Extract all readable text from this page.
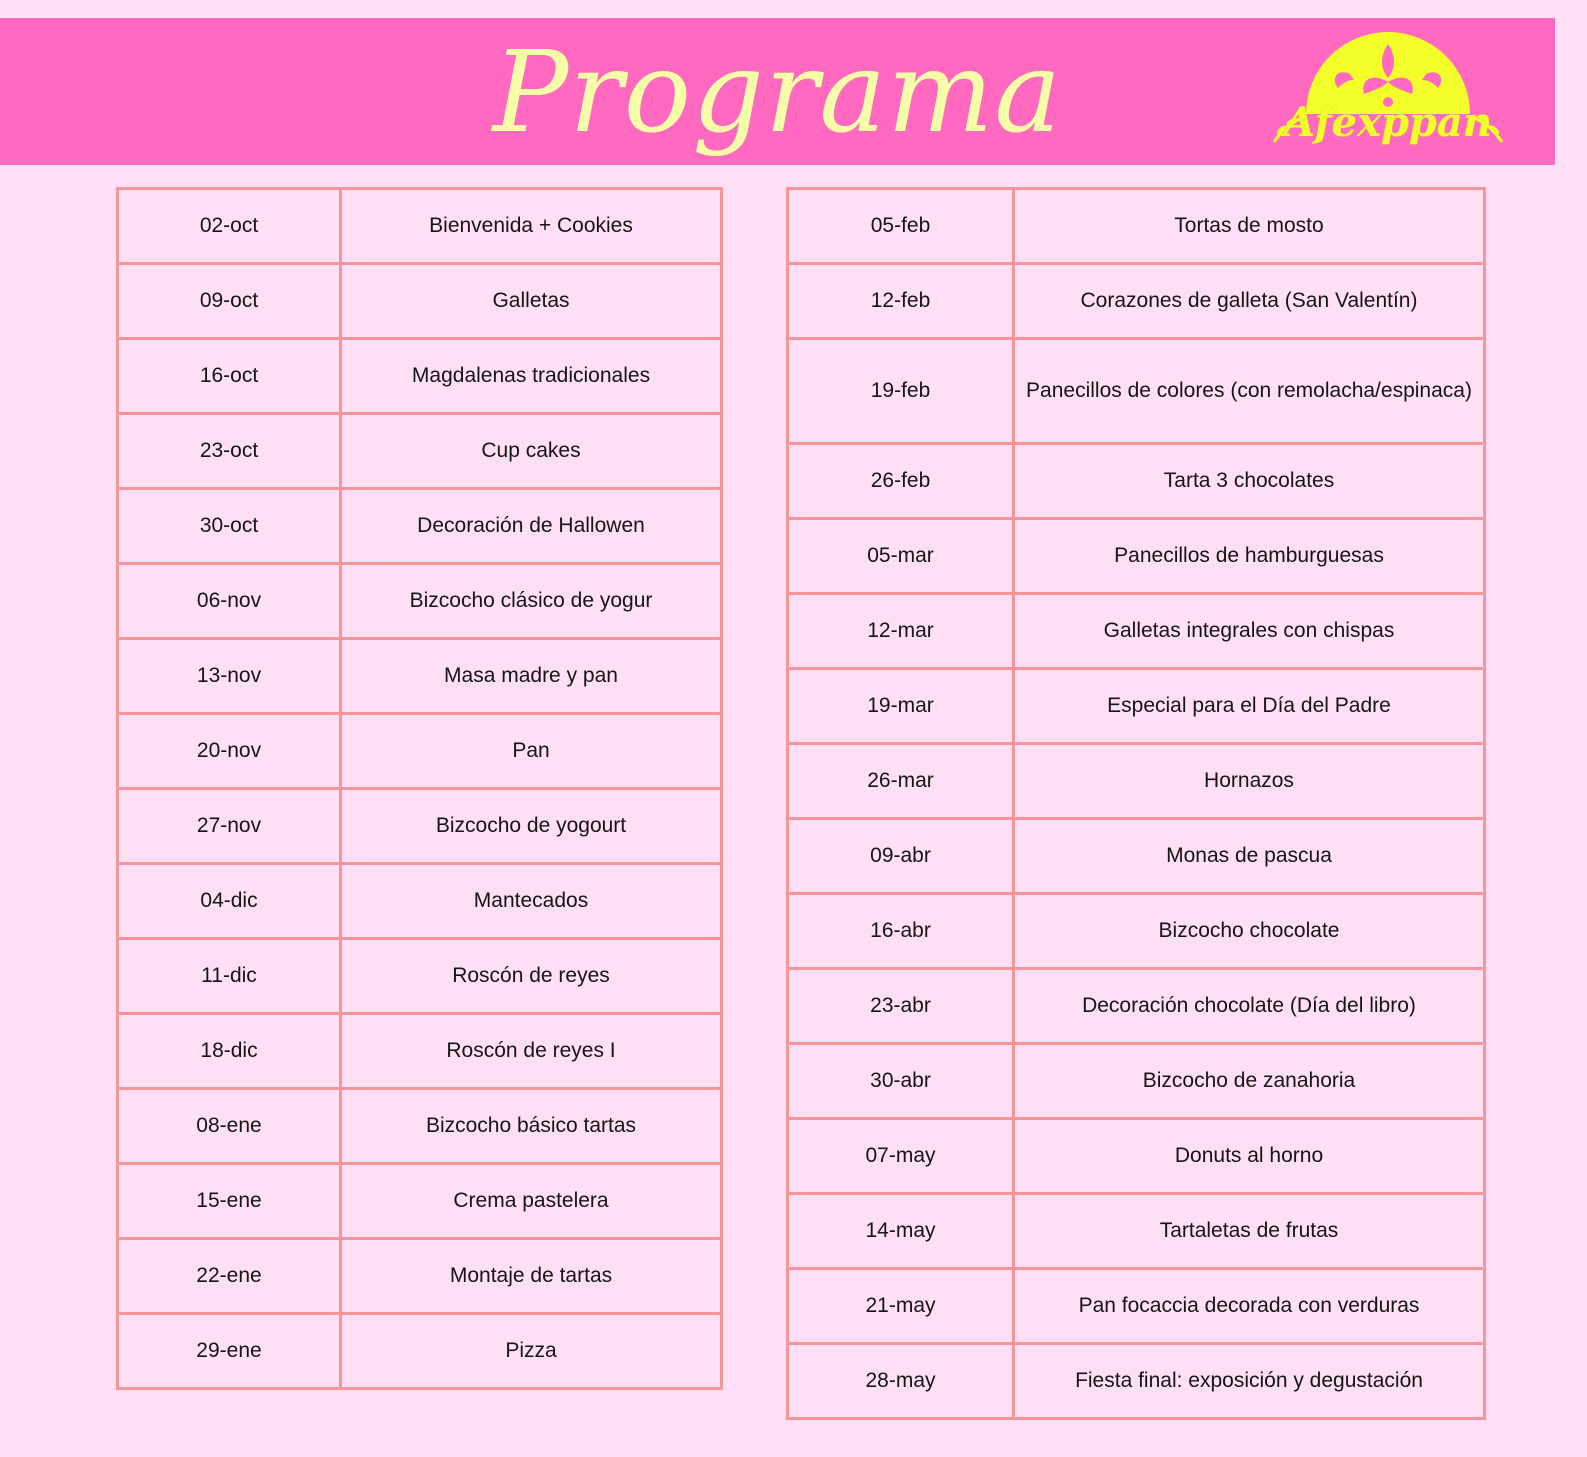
Programa	Afexppan
02-oct	Bienvenida + Cookies
09-oct	Galletas
16-oct	Magdalenas tradicionales
23-oct	Cup cakes
30-oct	Decoración de Hallowen
06-nov	Bizcocho clásico de yogur
13-nov	Masa madre y pan
20-nov	Pan
27-nov	Bizcocho de yogourt
04-dic	Mantecados
11-dic	Roscón de reyes
18-dic	Roscón de reyes I
08-ene	Bizcocho básico tartas
15-ene	Crema pastelera
22-ene	Montaje de tartas
29-ene	Pizza
05-feb	Tortas de mosto
12-feb	Corazones de galleta (San Valentín)
19-feb	Panecillos de colores (con remolacha/espinaca)
26-feb	Tarta 3 chocolates
05-mar	Panecillos de hamburguesas
12-mar	Galletas integrales con chispas
19-mar	Especial para el Día del Padre
26-mar	Hornazos
09-abr	Monas de pascua
16-abr	Bizcocho chocolate
23-abr	Decoración chocolate (Día del libro)
30-abr	Bizcocho de zanahoria
07-may	Donuts al horno
14-may	Tartaletas de frutas
21-may	Pan focaccia decorada con verduras
28-may	Fiesta final: exposición y degustación
